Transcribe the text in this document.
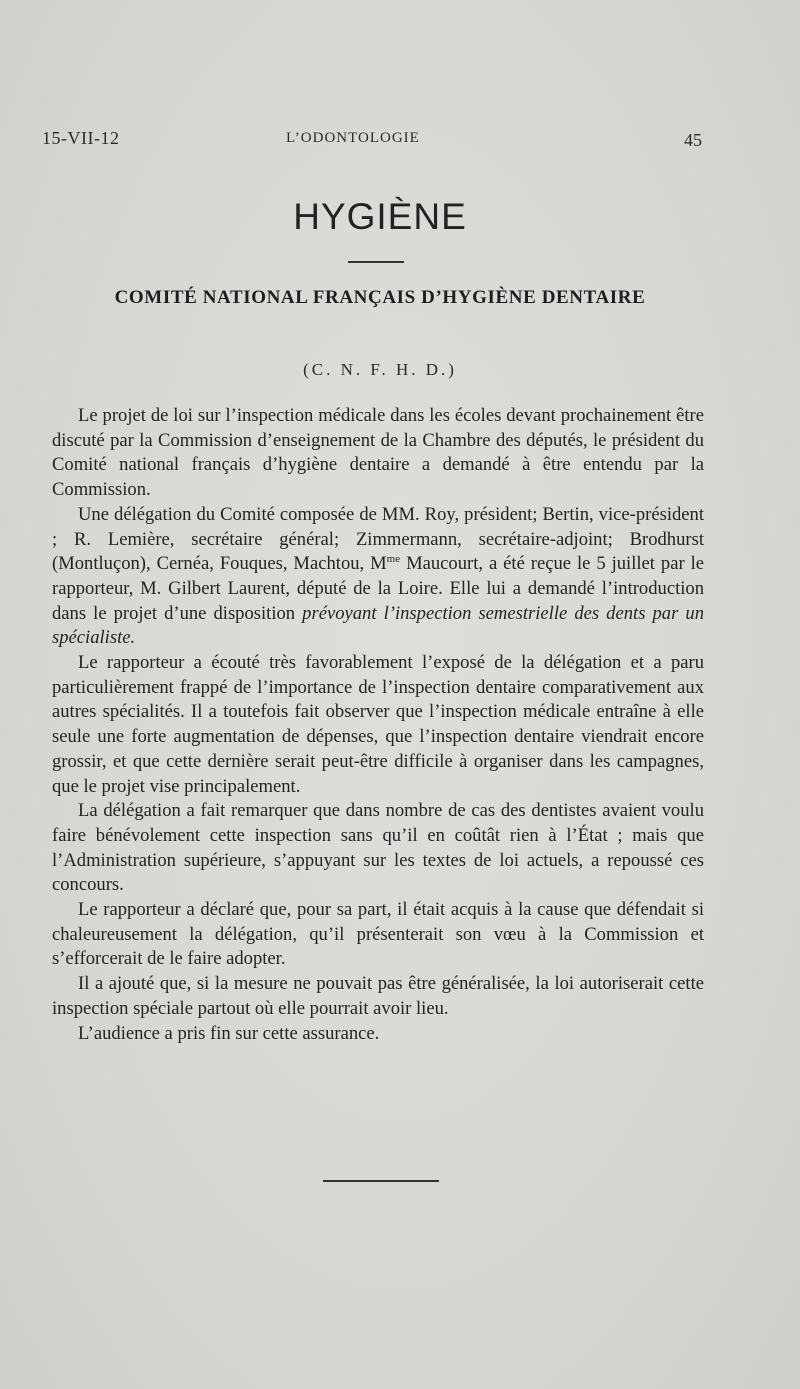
15-VII-12	L’ODONTOLOGIE	45
HYGIÈNE
COMITÉ NATIONAL FRANÇAIS D’HYGIÈNE DENTAIRE
(C. N. F. H. D.)

Le projet de loi sur l’inspection médicale dans les écoles devant prochainement être discuté par la Commission d’enseignement de la Chambre des députés, le président du Comité national français d’hygiène dentaire a demandé à être entendu par la Commission.

Une délégation du Comité composée de MM. Roy, président; Bertin, vice-président ; R. Lemière, secrétaire général; Zimmermann, secrétaire-adjoint; Brodhurst (Montluçon), Cernéa, Fouques, Machtou, $M^{me}$ Maucourt, a été reçue le 5 juillet par le rapporteur, M. Gilbert Laurent, député de la Loire. Elle lui a demandé l’introduction dans le projet d’une disposition prévoyant l’inspection semestrielle des dents par un spécialiste.

Le rapporteur a écouté très favorablement l’exposé de la délégation et a paru particulièrement frappé de l’importance de l’inspection dentaire comparativement aux autres spécialités. Il a toutefois fait observer que l’inspection médicale entraîne à elle seule une forte augmentation de dépenses, que l’inspection dentaire viendrait encore grossir, et que cette dernière serait peut-être difficile à organiser dans les campagnes, que le projet vise principalement.

La délégation a fait remarquer que dans nombre de cas des dentistes avaient voulu faire bénévolement cette inspection sans qu’il en coûtât rien à l’État ; mais que l’Administration supérieure, s’appuyant sur les textes de loi actuels, a repoussé ces concours.

Le rapporteur a déclaré que, pour sa part, il était acquis à la cause que défendait si chaleureusement la délégation, qu’il présenterait son vœu à la Commission et s’efforcerait de le faire adopter.

Il a ajouté que, si la mesure ne pouvait pas être généralisée, la loi autoriserait cette inspection spéciale partout où elle pourrait avoir lieu.

L’audience a pris fin sur cette assurance.
